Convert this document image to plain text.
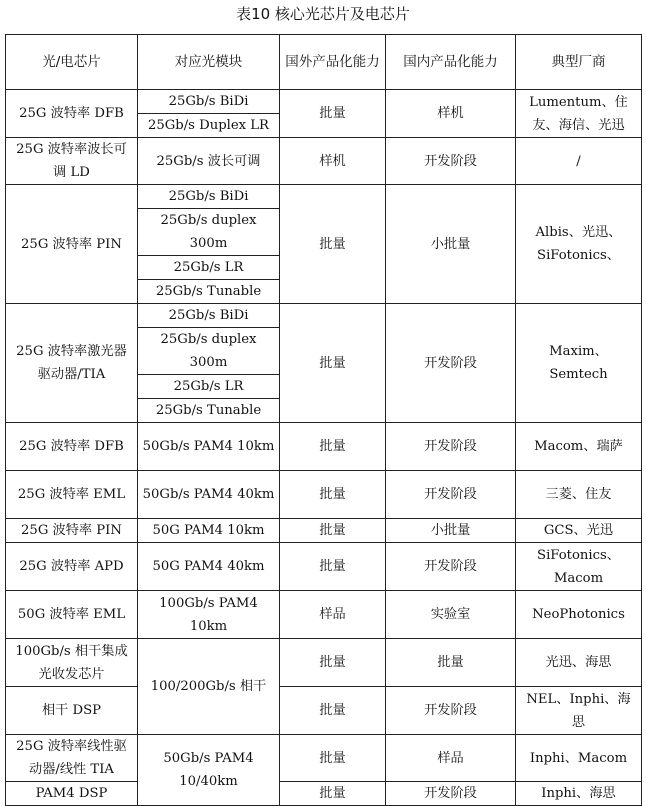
表10 核心光芯片及电芯片
光/电芯片	对应光模块	国外产品化能力	国内产品化能力	典型厂商
25G 波特率 DFB	25Gb/s BiDi	批量	样机	Lumentum、住友、海信、光迅
	25Gb/s Duplex LR			
25G 波特率波长可调 LD	25Gb/s 波长可调	样机	开发阶段	/
25G 波特率 PIN	25Gb/s BiDi	批量	小批量	Albis、光迅、SiFotonics、
	25Gb/s duplex 300m			
	25Gb/s LR			
	25Gb/s Tunable			
25G 波特率激光器驱动器/TIA	25Gb/s BiDi	批量	开发阶段	Maxim、Semtech
	25Gb/s duplex 300m			
	25Gb/s LR			
	25Gb/s Tunable			
25G 波特率 DFB	50Gb/s PAM4 10km	批量	开发阶段	Macom、瑞萨
25G 波特率 EML	50Gb/s PAM4 40km	批量	开发阶段	三菱、住友
25G 波特率 PIN	50G PAM4 10km	批量	小批量	GCS、光迅
25G 波特率 APD	50G PAM4 40km	批量	开发阶段	SiFotonics、Macom
50G 波特率 EML	100Gb/s PAM4 10km	样品	实验室	NeoPhotonics
100Gb/s 相干集成光收发芯片	100/200Gb/s 相干	批量	批量	光迅、海思
相干 DSP		批量	开发阶段	NEL、Inphi、海思
25G 波特率线性驱动器/线性 TIA	50Gb/s PAM4 10/40km	批量	样品	Inphi、Macom
PAM4 DSP		批量	开发阶段	Inphi、海思
